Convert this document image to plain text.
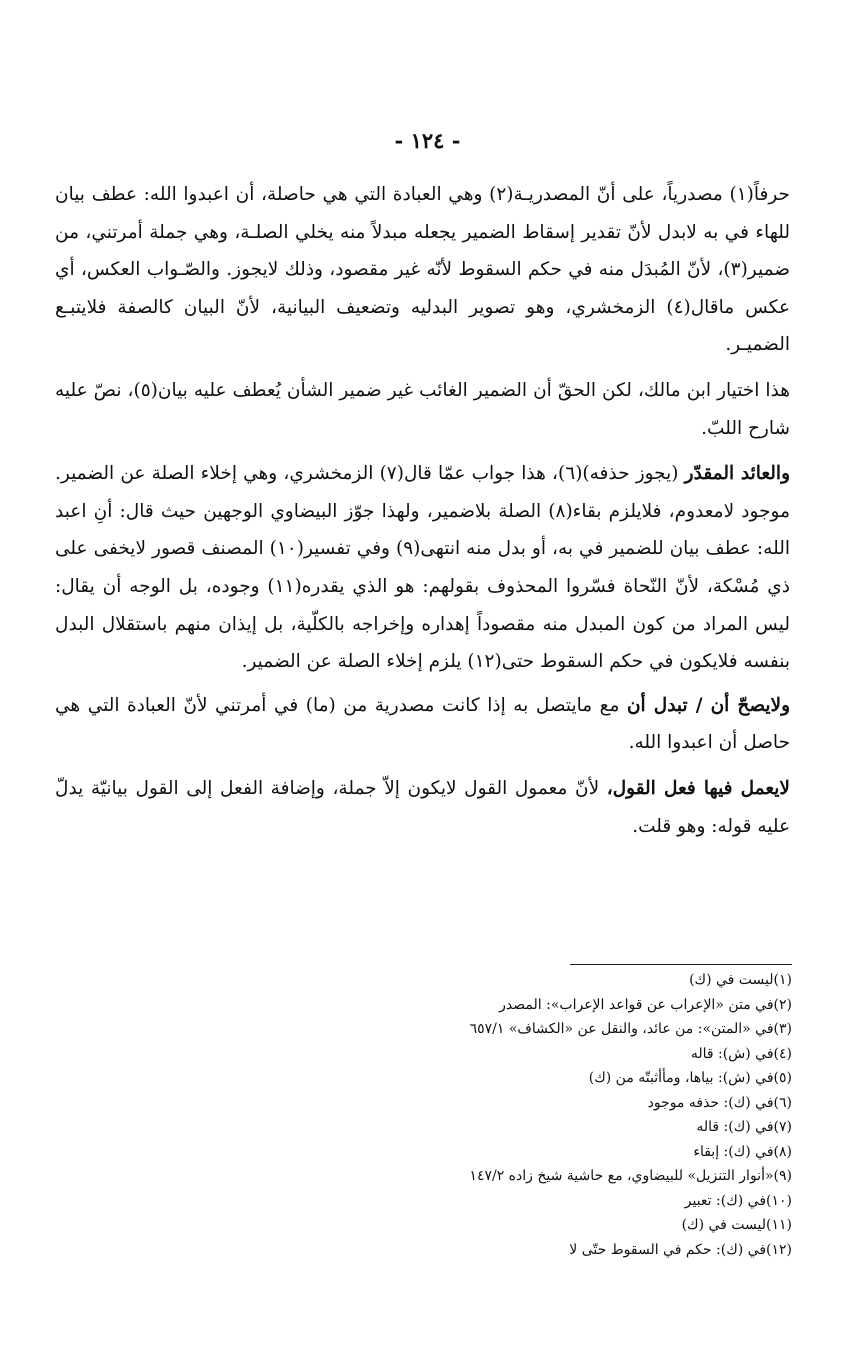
- ١٢٤ -

حرفاً(١) مصدرياً، على أنّ المصدريـة(٢) وهي العبادة التي هي حاصلة، أن اعبدوا الله: عطف بيان للهاء في به لابدل لأنّ تقدير إسقاط الضمير يجعله مبدلاً منه يخلي الصلـة، وهي جملة أمرتني، من ضمير(٣)، لأنّ المُبدَل منه في حكم السقوط لأنّه غير مقصود، وذلك لايجوز. والصّـواب العكس، أي عكس ماقال(٤) الزمخشري، وهو تصوير البدليه وتضعيف البيانية، لأنّ البيان كالصفة فلايتبـع الضميـر.

هذا اختيار ابن مالك، لكن الحقّ أن الضمير الغائب غير ضمير الشأن يُعطف عليه بيان(٥)، نصّ عليه شارح اللبّ.

والعائد المقدّر (يجوز حذفه)(٦)، هذا جواب عمّا قال(٧) الزمخشري، وهي إخلاء الصلة عن الضمير. موجود لامعدوم، فلايلزم بقاء(٨) الصلة بلاضمير، ولهذا جوّز البيضاوي الوجهين حيث قال: أنِ اعبد الله: عطف بيان للضمير في به، أو بدل منه انتهى(٩) وفي تفسير(١٠) المصنف قصور لايخفى على ذي مُسْكة، لأنّ النّحاة فسّروا المحذوف بقولهم: هو الذي يقدره(١١) وجوده، بل الوجه أن يقال: ليس المراد من كون المبدل منه مقصوداً إهداره وإخراجه بالكلّية، بل إيذان منهم باستقلال البدل بنفسه فلايكون في حكم السقوط حتى(١٢) يلزم إخلاء الصلة عن الضمير.

ولايصحّ أن / تبدل أن مع مايتصل به إذا كانت مصدرية من (ما) في أمرتني لأنّ العبادة التي هي حاصل أن اعبدوا الله.

لايعمل فيها فعل القول، لأنّ معمول القول لايكون إلاّ جملة، وإضافة الفعل إلى القول بيانيّة يدلّ عليه قوله: وهو قلت.

(١)ليست في (ك)
(٢)في متن «الإعراب عن قواعد الإعراب»: المصدر
(٣)في «المتن»: من عائد، والنقل عن «الكشاف» ٦٥٧/١
(٤)في (ش): قاله
(٥)في (ش): بياها، ومأأثبتّه من (ك)
(٦)في (ك): حذفه موجود
(٧)في (ك): قاله
(٨)في (ك): إبقاء
(٩)«أنوار التنزيل» للبيضاوي، مع حاشية شيخ زاده ١٤٧/٢
(١٠)في (ك): تعبير
(١١)ليست في (ك)
(١٢)في (ك): حكم في السقوط حتّى لا
